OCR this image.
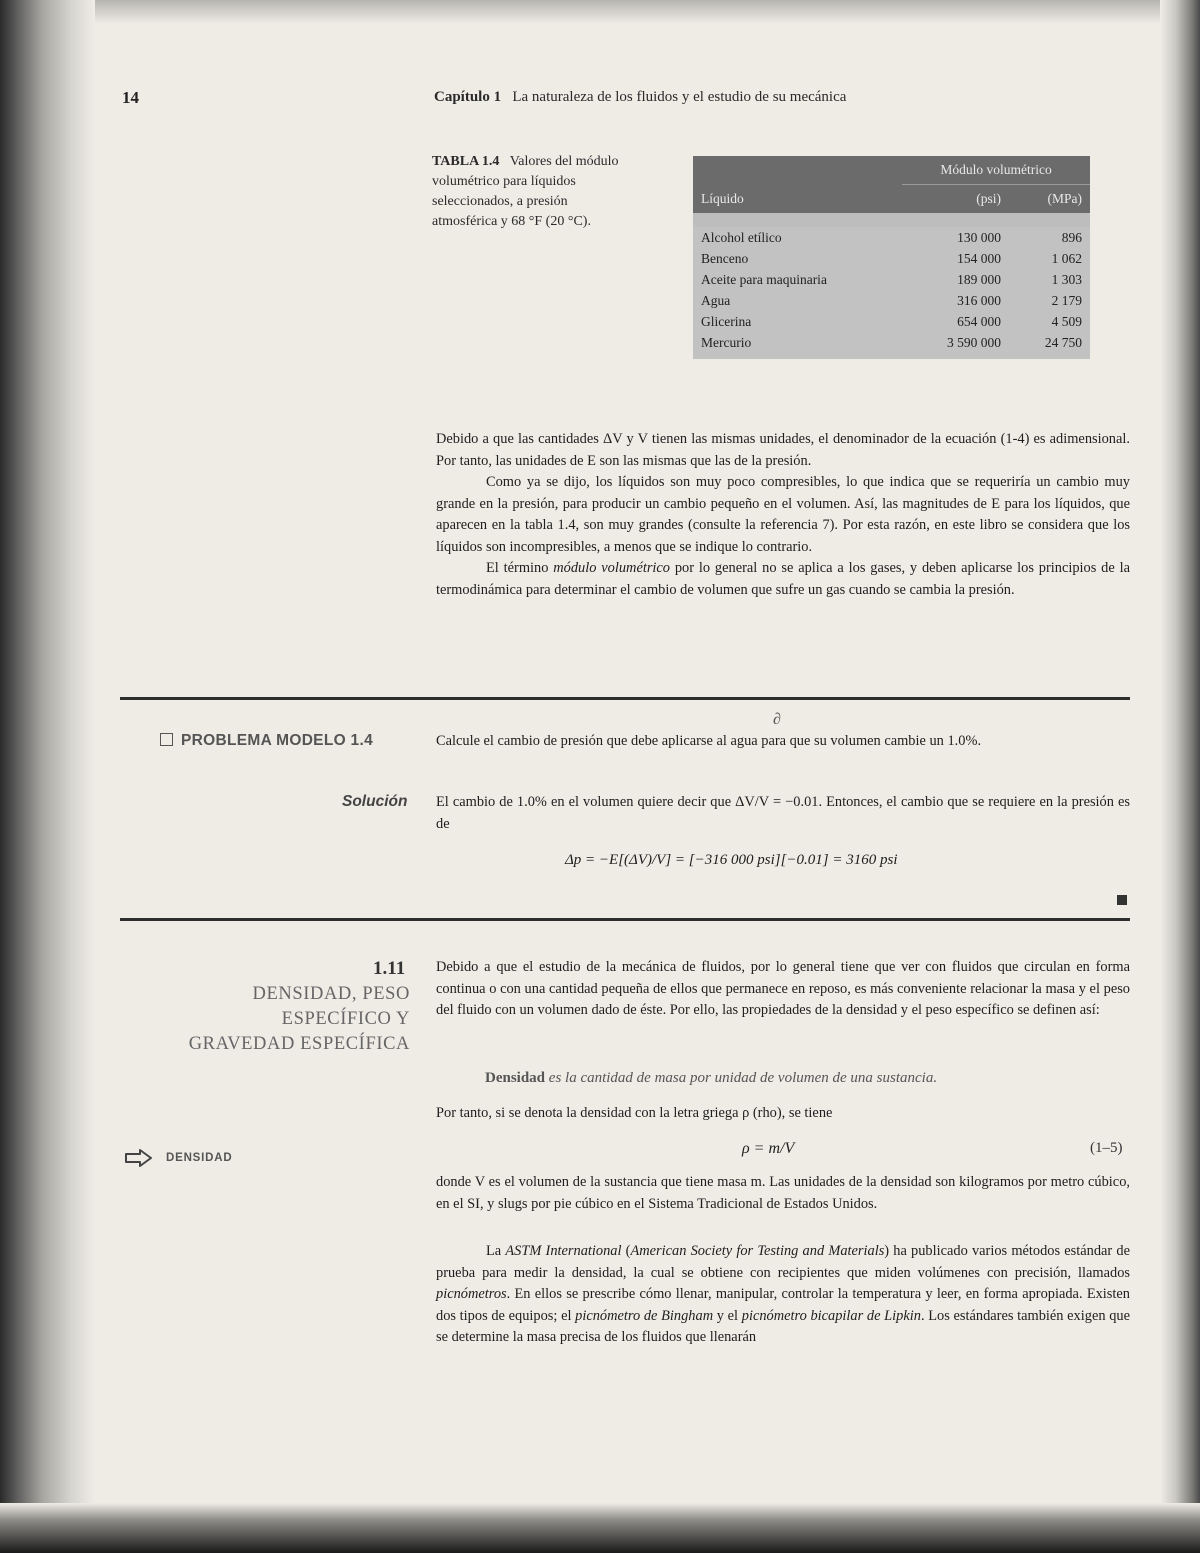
14	Capítulo 1 La naturaleza de los fluidos y el estudio de su mecánica
TABLA 1.4 Valores del módulo volumétrico para líquidos seleccionados, a presión atmosférica y 68 °F (20 °C).
	Módulo volumétrico	
Líquido	(psi)	(MPa)

Alcohol etílico	130 000	896
Benceno	154 000	1 062
Aceite para maquinaria	189 000	1 303
Agua	316 000	2 179
Glicerina	654 000	4 509
Mercurio	3 590 000	24 750

Debido a que las cantidades ΔV y V tienen las mismas unidades, el denominador de la ecuación (1-4) es adimensional. Por tanto, las unidades de E son las mismas que las de la presión.

Como ya se dijo, los líquidos son muy poco compresibles, lo que indica que se requeriría un cambio muy grande en la presión, para producir un cambio pequeño en el volumen. Así, las magnitudes de E para los líquidos, que aparecen en la tabla 1.4, son muy grandes (consulte la referencia 7). Por esta razón, en este libro se considera que los líquidos son incompresibles, a menos que se indique lo contrario.

El término módulo volumétrico por lo general no se aplica a los gases, y deben aplicarse los principios de la termodinámica para determinar el cambio de volumen que sufre un gas cuando se cambia la presión.

∂
PROBLEMA MODELO 1.4	Calcule el cambio de presión que debe aplicarse al agua para que su volumen cambie un 1.0%.
Solución El cambio de 1.0% en el volumen quiere decir que ΔV/V = −0.01. Entonces, el cambio que se requiere en la presión es de
Δp = −E[(ΔV)/V] = [−316 000 psi][−0.01] = 3160 psi
1.11
DENSIDAD, PESO
ESPECÍFICO Y
GRAVEDAD ESPECÍFICA
Debido a que el estudio de la mecánica de fluidos, por lo general tiene que ver con fluidos que circulan en forma continua o con una cantidad pequeña de ellos que permanece en reposo, es más conveniente relacionar la masa y el peso del fluido con un volumen dado de éste. Por ello, las propiedades de la densidad y el peso específico se definen así:
Densidad es la cantidad de masa por unidad de volumen de una sustancia.
Por tanto, si se denota la densidad con la letra griega ρ (rho), se tiene
DENSIDAD
ρ = m/V	(1–5)
donde V es el volumen de la sustancia que tiene masa m. Las unidades de la densidad son kilogramos por metro cúbico, en el SI, y slugs por pie cúbico en el Sistema Tradicional de Estados Unidos.
La ASTM International (American Society for Testing and Materials) ha publicado varios métodos estándar de prueba para medir la densidad, la cual se obtiene con recipientes que miden volúmenes con precisión, llamados picnómetros. En ellos se prescribe cómo llenar, manipular, controlar la temperatura y leer, en forma apropiada. Existen dos tipos de equipos; el picnómetro de Bingham y el picnómetro bicapilar de Lipkin. Los estándares también exigen que se determine la masa precisa de los fluidos que llenarán
